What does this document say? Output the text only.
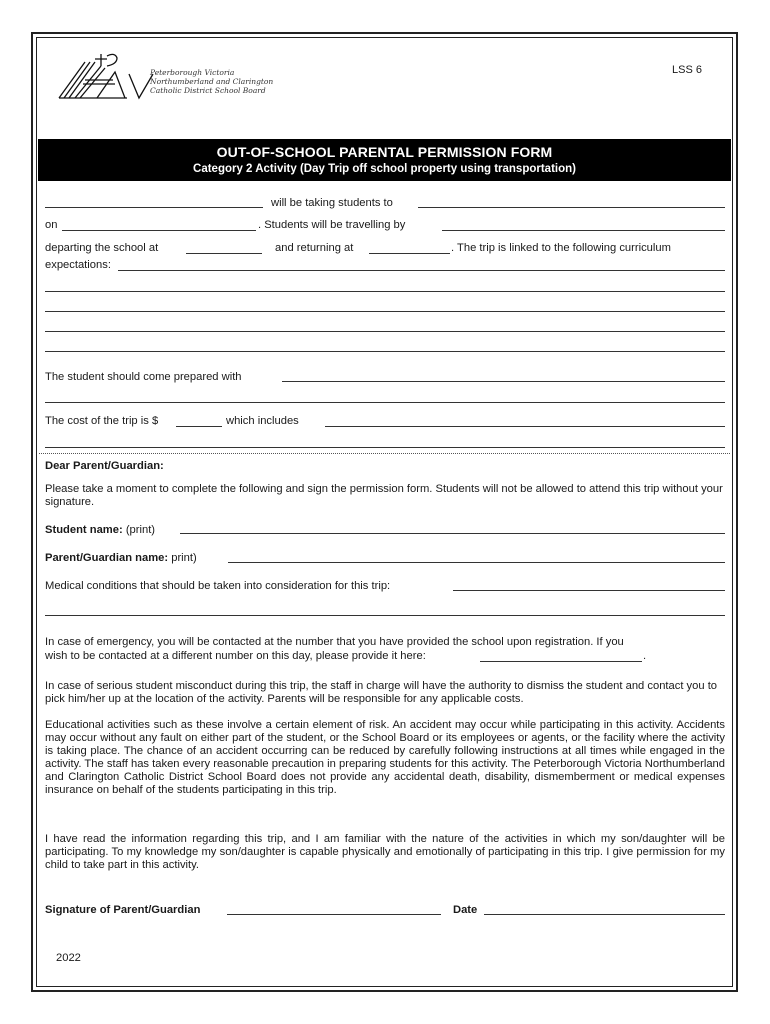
Peterborough Victoria
Northumberland and Clarington
Catholic District School Board
LSS 6
OUT-OF-SCHOOL PARENTAL PERMISSION FORM
Category 2 Activity (Day Trip off school property using transportation)
will be taking students to
on	. Students will be travelling by
departing the school at	and returning at	. The trip is linked to the following curriculum
expectations:
The student should come prepared with
The cost of the trip is $	which includes
Dear Parent/Guardian:
Please take a moment to complete the following and sign the permission form. Students will not be allowed to attend this trip without your signature.
Student name: (print)
Parent/Guardian name: print)
Medical conditions that should be taken into consideration for this trip:
In case of emergency, you will be contacted at the number that you have provided the school upon registration. If you
wish to be contacted at a different number on this day, please provide it here:	.
In case of serious student misconduct during this trip, the staff in charge will have the authority to dismiss the student and contact you to pick him/her up at the location of the activity. Parents will be responsible for any applicable costs.
Educational activities such as these involve a certain element of risk. An accident may occur while participating in this activity. Accidents may occur without any fault on either part of the student, or the School Board or its employees or agents, or the facility where the activity is taking place. The chance of an accident occurring can be reduced by carefully following instructions at all times while engaged in the activity. The staff has taken every reasonable precaution in preparing students for this activity. The Peterborough Victoria Northumberland and Clarington Catholic District School Board does not provide any accidental death, disability, dismemberment or medical expenses insurance on behalf of the students participating in this trip.
I have read the information regarding this trip, and I am familiar with the nature of the activities in which my son/daughter will be participating. To my knowledge my son/daughter is capable physically and emotionally of participating in this trip. I give permission for my child to take part in this activity.
Signature of Parent/Guardian	Date
2022
